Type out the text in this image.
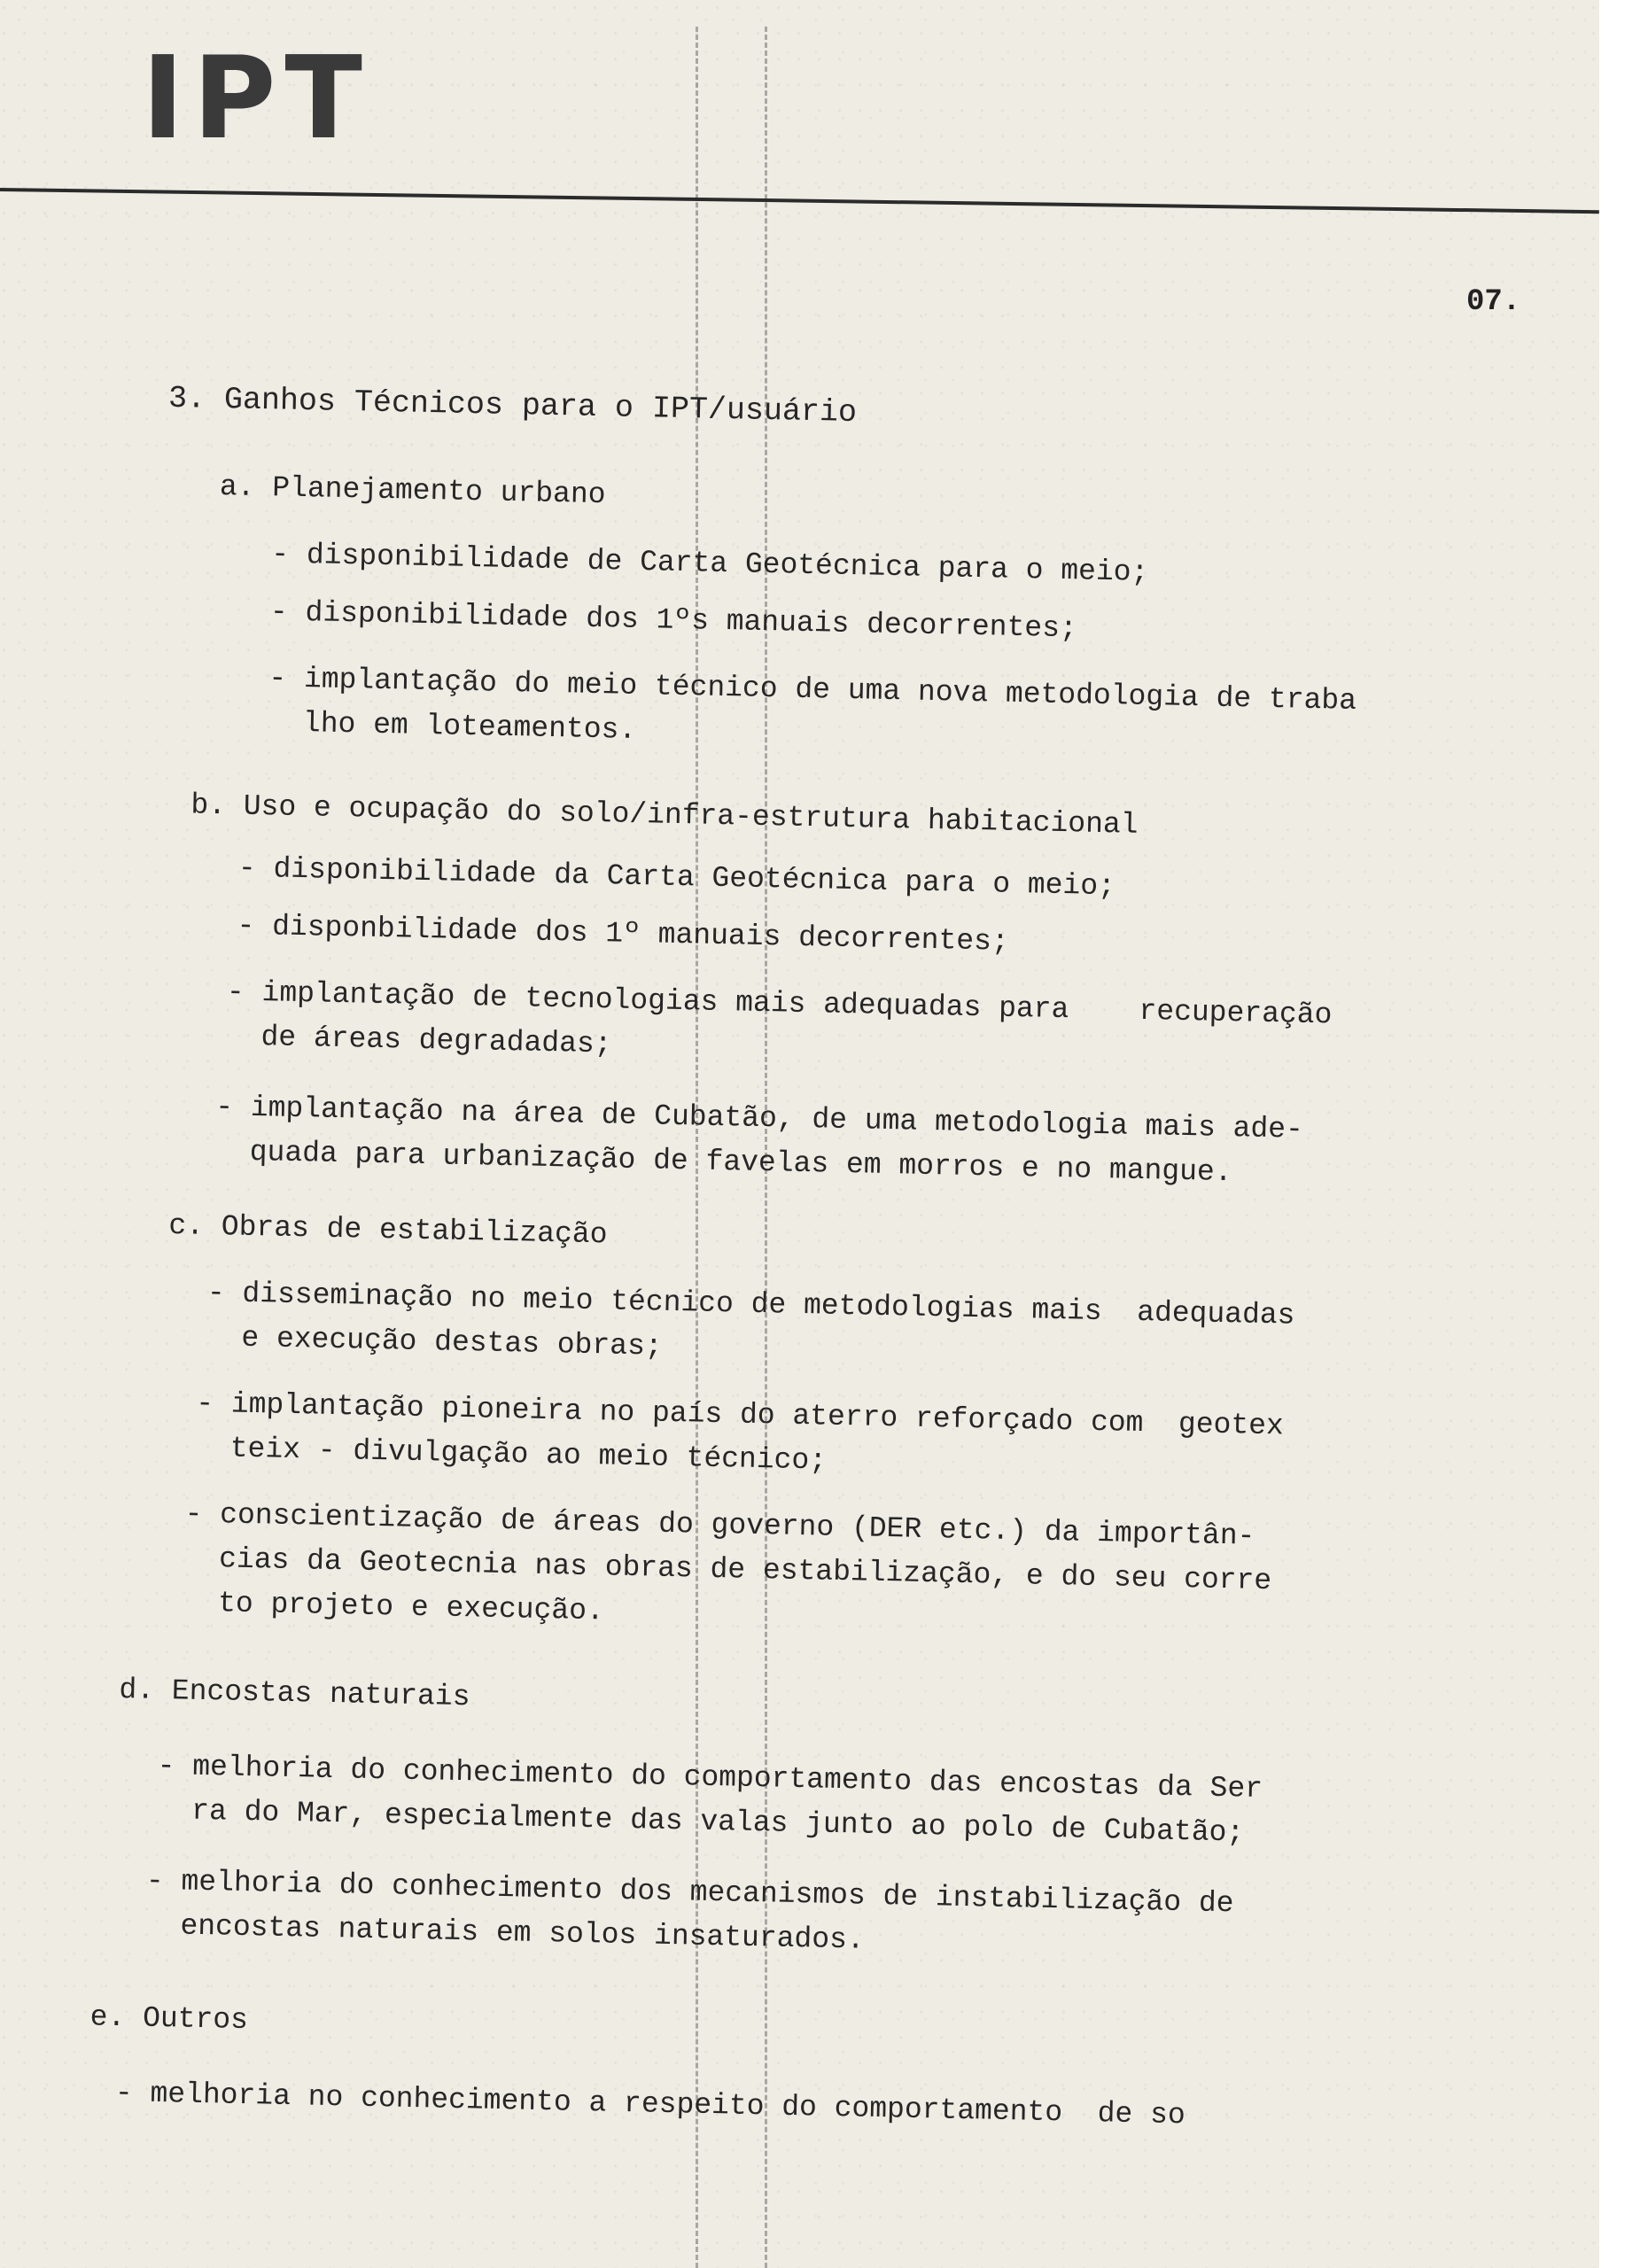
IPT
07.
3. Ganhos Técnicos para o IPT/usuário
a. Planejamento urbano
- disponibilidade de Carta Geotécnica para o meio;
- disponibilidade dos 1ºs manuais decorrentes;
- implantação do meio técnico de uma nova metodologia de traba
lho em loteamentos.
b. Uso e ocupação do solo/infra-estrutura habitacional
- disponibilidade da Carta Geotécnica para o meio;
- disponbilidade dos 1º manuais decorrentes;
- implantação de tecnologias mais adequadas para    recuperação
de áreas degradadas;
- implantação na área de Cubatão, de uma metodologia mais ade-
quada para urbanização de favelas em morros e no mangue.
c. Obras de estabilização
- disseminação no meio técnico de metodologias mais  adequadas
e execução destas obras;
- implantação pioneira no país do aterro reforçado com  geotex
teix - divulgação ao meio técnico;
- conscientização de áreas do governo (DER etc.) da importân-
cias da Geotecnia nas obras de estabilização, e do seu corre
to projeto e execução.
d. Encostas naturais
- melhoria do conhecimento do comportamento das encostas da Ser
ra do Mar, especialmente das valas junto ao polo de Cubatão;
- melhoria do conhecimento dos mecanismos de instabilização de
encostas naturais em solos insaturados.
e. Outros
- melhoria no conhecimento a respeito do comportamento  de so
